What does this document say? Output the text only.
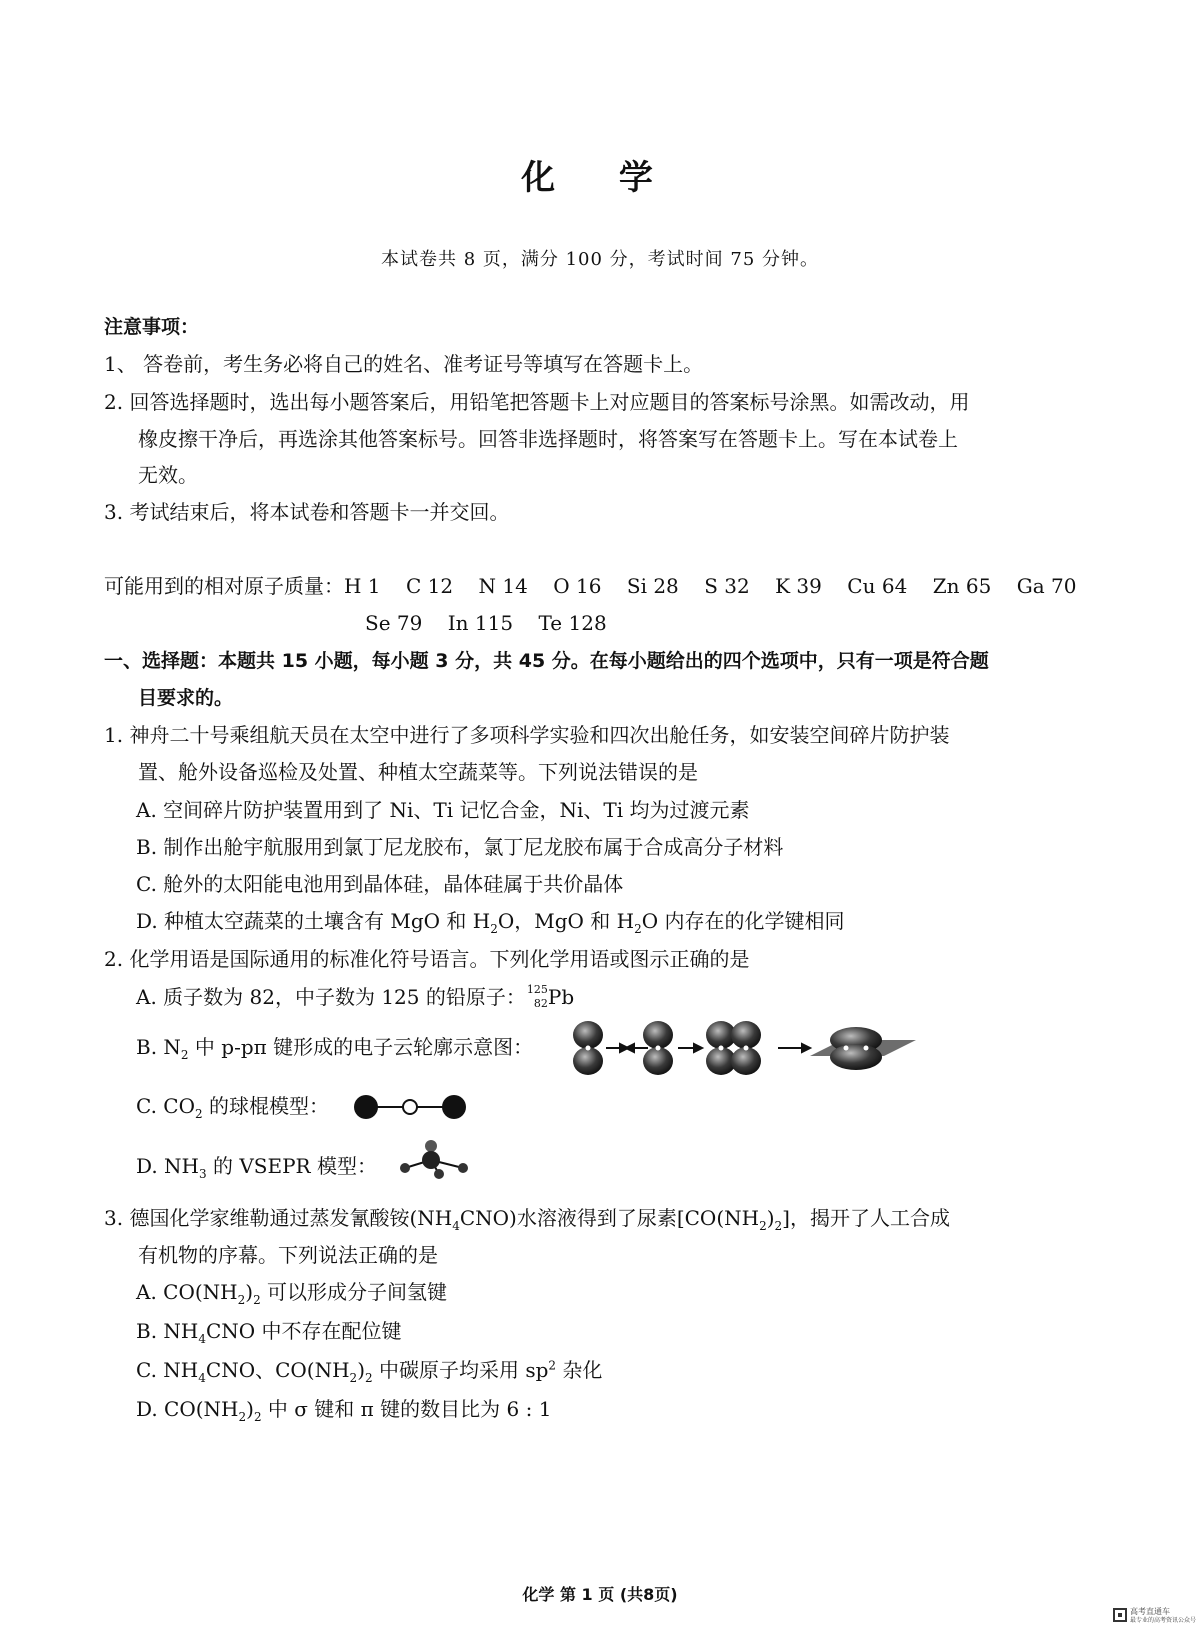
化 学
本试卷共 8 页，满分 100 分，考试时间 75 分钟。
注意事项：
1、 答卷前，考生务必将自己的姓名、准考证号等填写在答题卡上。
2. 回答选择题时，选出每小题答案后，用铅笔把答题卡上对应题目的答案标号涂黑。如需改动，用
橡皮擦干净后，再选涂其他答案标号。回答非选择题时，将答案写在答题卡上。写在本试卷上
无效。
3. 考试结束后，将本试卷和答题卡一并交回。
可能用到的相对原子质量：H 1    C 12    N 14    O 16    Si 28    S 32    K 39    Cu 64    Zn 65    Ga 70
Se 79    In 115    Te 128
一、选择题：本题共 15 小题，每小题 3 分，共 45 分。在每小题给出的四个选项中，只有一项是符合题
目要求的。
1. 神舟二十号乘组航天员在太空中进行了多项科学实验和四次出舱任务，如安装空间碎片防护装
置、舱外设备巡检及处置、种植太空蔬菜等。下列说法错误的是
A. 空间碎片防护装置用到了 Ni、Ti 记忆合金，Ni、Ti 均为过渡元素
B. 制作出舱宇航服用到氯丁尼龙胶布，氯丁尼龙胶布属于合成高分子材料
C. 舱外的太阳能电池用到晶体硅，晶体硅属于共价晶体
D. 种植太空蔬菜的土壤含有 MgO 和 $H_2O$，MgO 和 $H_2O$ 内存在的化学键相同
2. 化学用语是国际通用的标准化符号语言。下列化学用语或图示正确的是
A. 质子数为 82，中子数为 125 的铅原子： 125
82 Pb
B. $N_2$ 中 p-pπ 键形成的电子云轮廓示意图：
C. $CO_2$ 的球棍模型：
D. $NH_3$ 的 VSEPR 模型：
3. 德国化学家维勒通过蒸发氰酸铵$(NH_4CNO)$水溶液得到了尿素$[CO(NH_2)_2]$，揭开了人工合成
有机物的序幕。下列说法正确的是
A. $CO(NH_2)_2$ 可以形成分子间氢键
B. $NH_4CNO$ 中不存在配位键
C. $NH_4CNO$、$CO(NH_2)_2$ 中碳原子均采用 $sp^2$ 杂化
D. $CO(NH_2)_2$ 中 σ 键和 π 键的数目比为 6 : 1
化学 第 1 页 (共8页)
高考直通车
最专业的高考资讯公众号
